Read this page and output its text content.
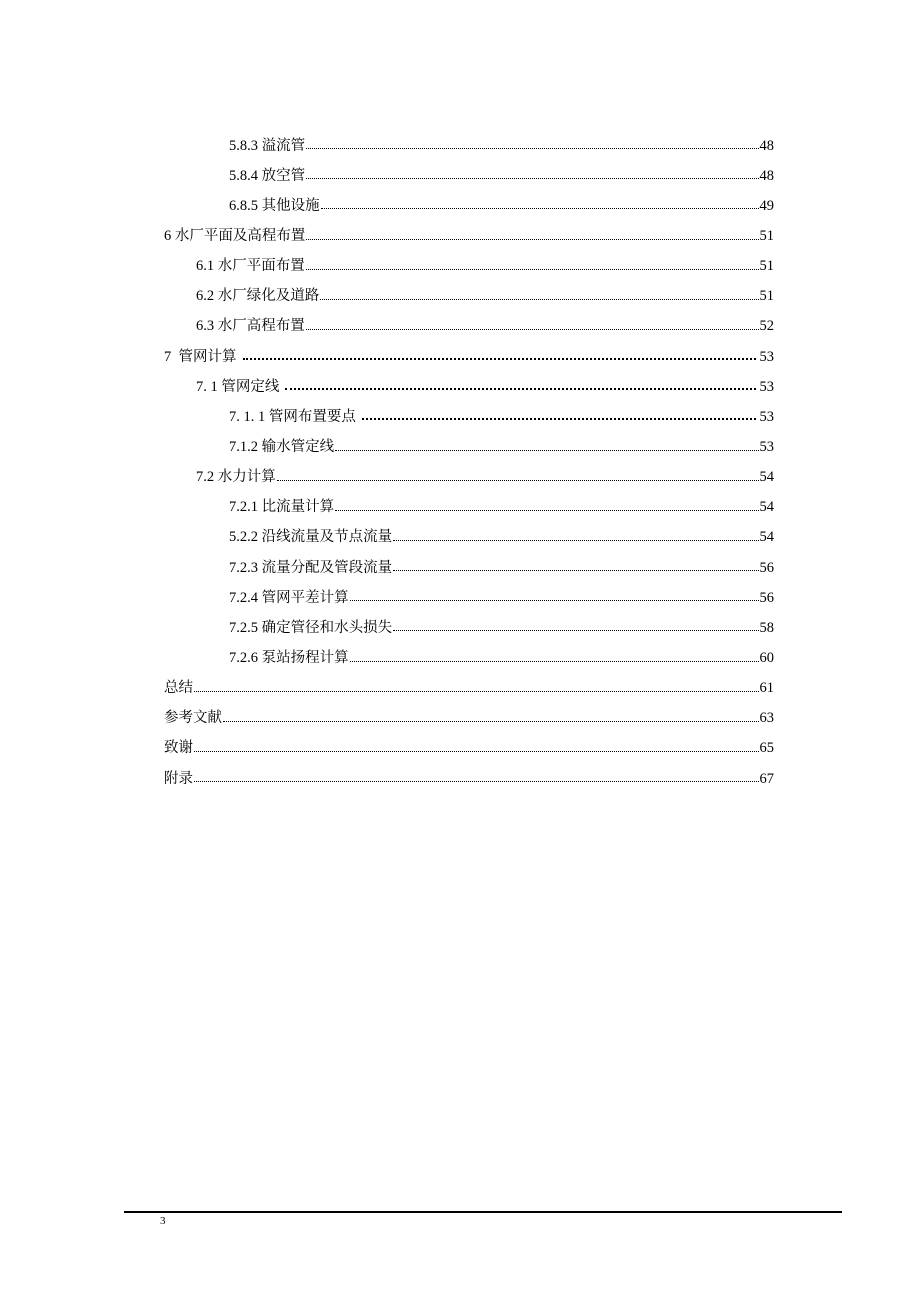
5.8.3 溢流管	48
5.8.4 放空管	48
6.8.5 其他设施	49
6 水厂平面及高程布置	51
6.1 水厂平面布置	51
6.2 水厂绿化及道路	51
6.3 水厂高程布置	52
7  管网计算	53
7. 1 管网定线	53
7. 1. 1 管网布置要点	53
7.1.2 输水管定线	53
7.2 水力计算	54
7.2.1 比流量计算	54
5.2.2 沿线流量及节点流量	54
7.2.3 流量分配及管段流量	56
7.2.4 管网平差计算	56
7.2.5 确定管径和水头损失	58
7.2.6 泵站扬程计算	60
总结	61
参考文献	63
致谢	65
附录	67
3
